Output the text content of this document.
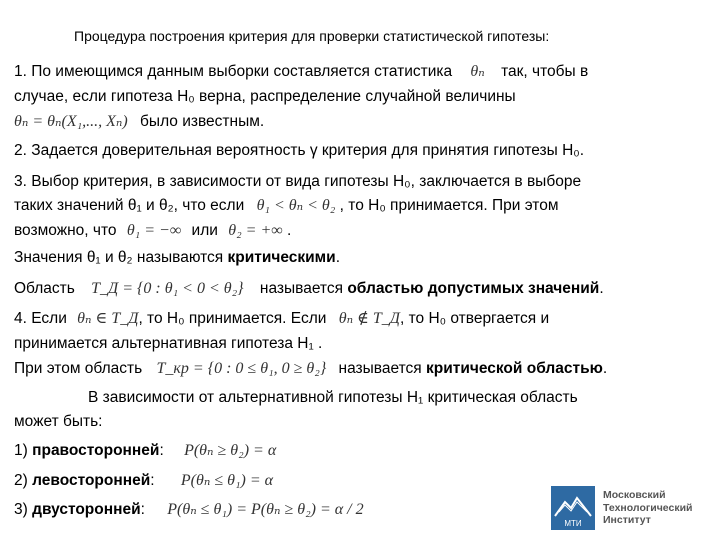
Процедура построения критерия для проверки статистической гипотезы:
1. По имеющимся данным выборки составляется статистика θₙ так, чтобы в
случае, если гипотеза H₀ верна, распределение случайной величины
θₙ = θₙ(X₁,..., Xₙ) было известным.
2. Задается доверительная вероятность γ критерия для принятия гипотезы H₀.
3. Выбор критерия, в зависимости от вида гипотезы H₀, заключается в выборе
таких значений θ₁ и θ₂, что если θ₁ < θₙ < θ₂ , то H₀ принимается. При этом
возможно, что θ₁ = −∞ или θ₂ = +∞ .
Значения θ₁ и θ₂ называются критическими.
Область T_Д = {0 : θ₁ < 0 < θ₂} называется областью допустимых значений.
4. Если θₙ ∈ T_Д, то H₀ принимается. Если θₙ ∉ T_Д, то H₀ отвергается и
принимается альтернативная гипотеза H₁ .
При этом область T_кр = {0 : 0 ≤ θ₁, 0 ≥ θ₂} называется критической областью.
В зависимости от альтернативной гипотезы H₁ критическая область
может быть:
1) правосторонней: P(θₙ ≥ θ₂) = α
2) левосторонней: P(θₙ ≤ θ₁) = α
3) двусторонней: P(θₙ ≤ θ₁) = P(θₙ ≥ θ₂) = α / 2
МТИ
Московский
Технологический
Институт
